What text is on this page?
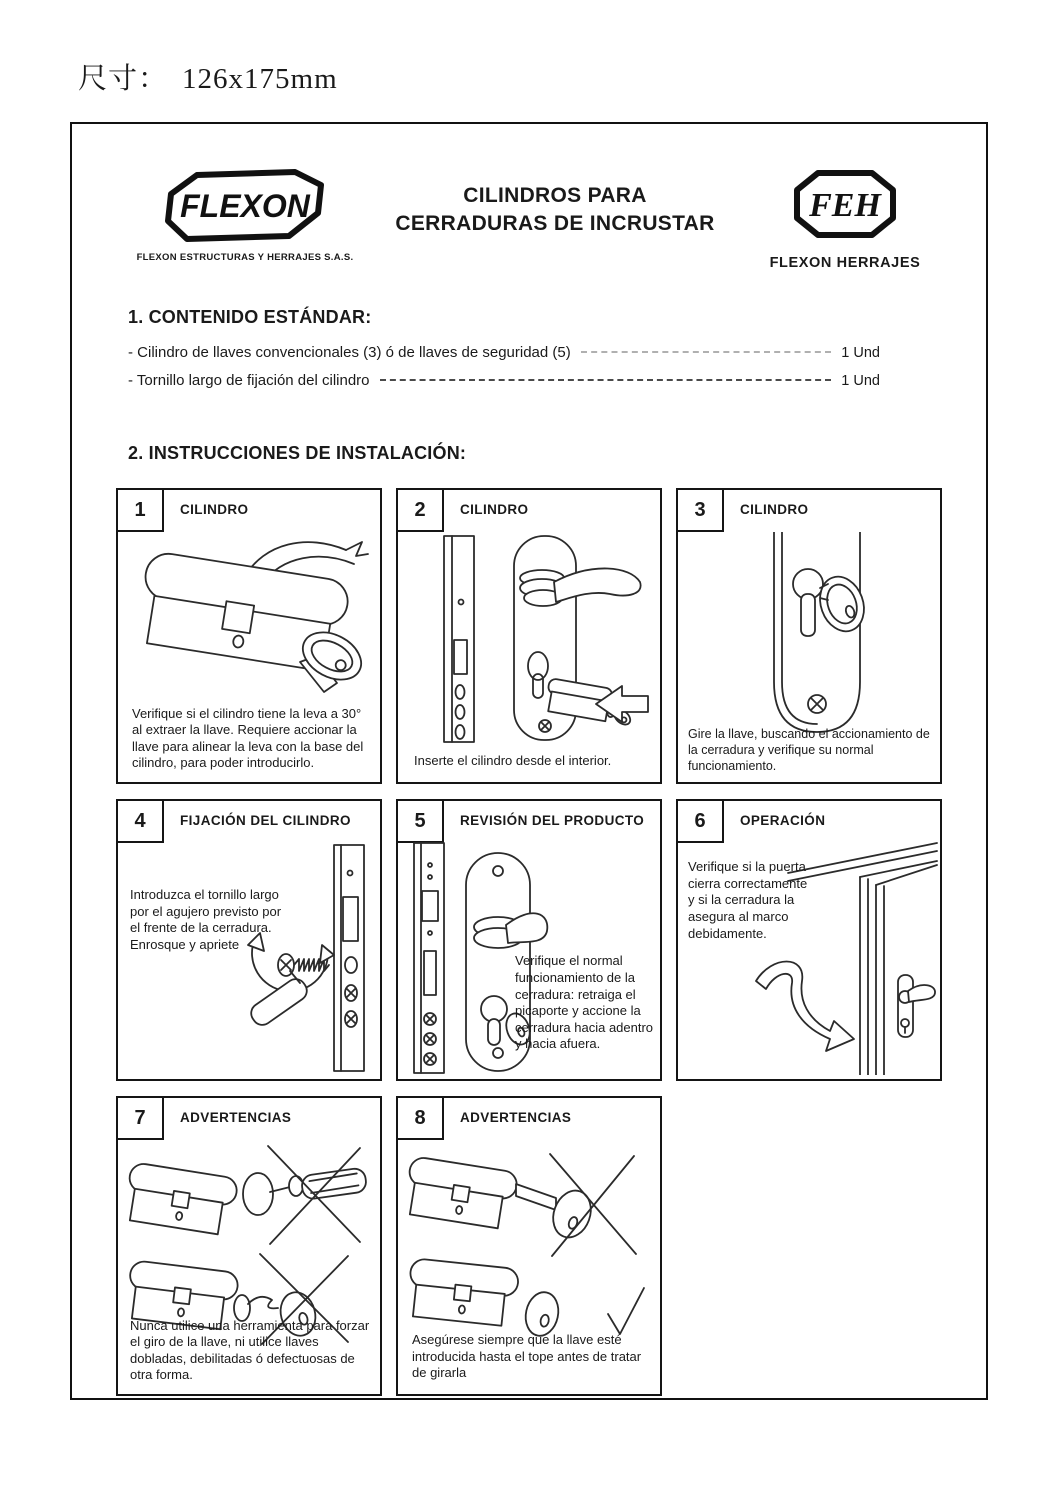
尺寸： 126x175mm
FLEXON
FLEXON ESTRUCTURAS Y HERRAJES S.A.S.
CILINDROS PARA
CERRADURAS DE INCRUSTAR	FEH
FLEXON HERRAJES
1. CONTENIDO ESTÁNDAR:
- Cilindro de llaves convencionales (3) ó de llaves de seguridad (5)	1 Und
- Tornillo largo de fijación del cilindro	1 Und
2. INSTRUCCIONES DE INSTALACIÓN:
1	CILINDRO
Verifique si el cilindro tiene la leva a 30° al extraer la llave. Requiere accionar la llave para alinear la leva con la base del cilindro, para poder introducirlo.
2	CILINDRO
Inserte el cilindro desde el interior.
3	CILINDRO
Gire la llave, buscando el accionamiento de la cerradura y verifique su normal funcionamiento.
4	FIJACIÓN DEL CILINDRO
Introduzca el tornillo largo por el agujero previsto por el frente de la cerradura. Enrosque y apriete
5	REVISIÓN DEL PRODUCTO
Verifique el normal funcionamiento de la cerradura: retraiga el picaporte y accione la cerradura hacia adentro y hacia afuera.
6	OPERACIÓN
Verifique si la puerta cierra correctamente y si la cerradura la asegura al marco debidamente.
7	ADVERTENCIAS
Nunca utilice una herramienta para forzar el giro de la llave, ni utilice llaves dobladas, debilitadas ó defectuosas de otra forma.
8	ADVERTENCIAS
Asegúrese siempre que la llave esté introducida hasta el tope antes de tratar de girarla
